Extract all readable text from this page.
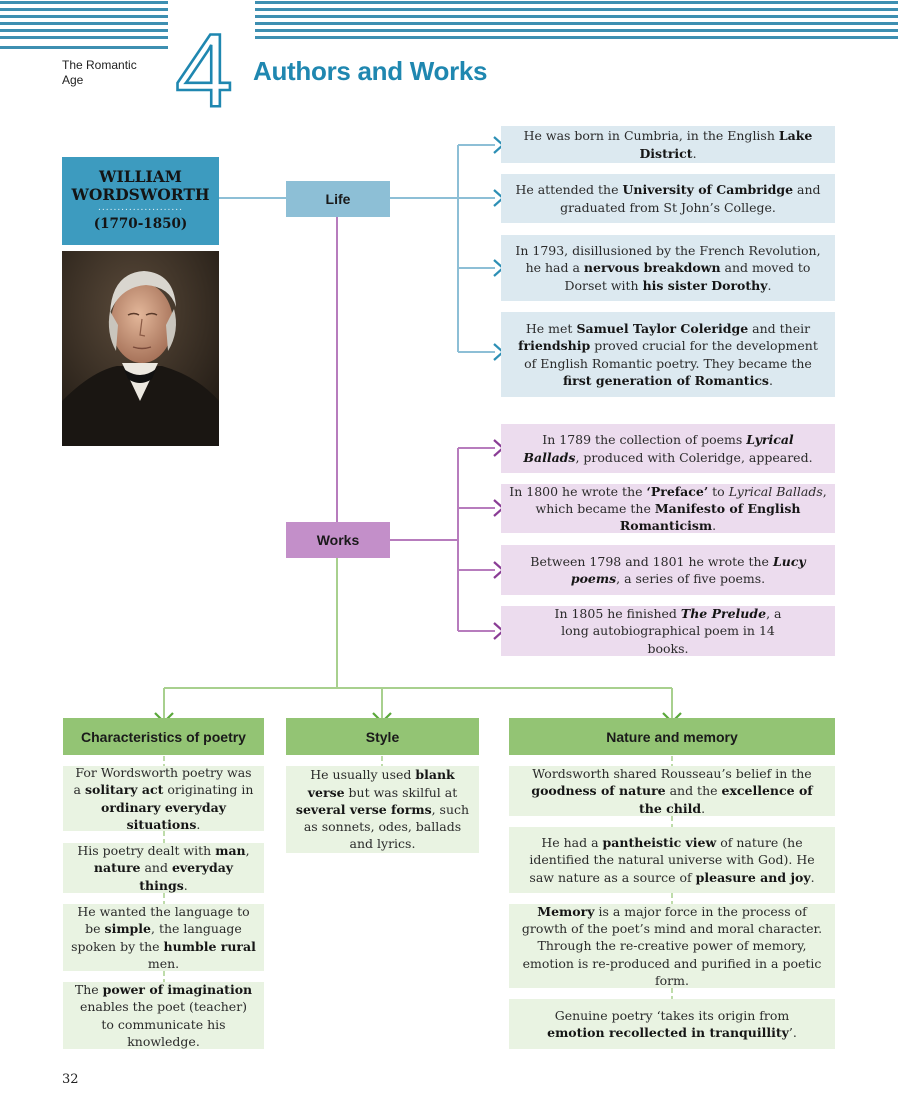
The Romantic Age 4 Authors and Works
WILLIAM WORDSWORTH
......................
(1770-1850)
Life
Works
Characteristics of poetry	Style	Nature and memory
He was born in Cumbria, in the English Lake District.
He attended the University of Cambridge and graduated from St John’s College.
In 1793, disillusioned by the French Revolution, he had a nervous breakdown and moved to Dorset with his sister Dorothy.
He met Samuel Taylor Coleridge and their friendship proved crucial for the development of English Romantic poetry. They became the first generation of Romantics.
In 1789 the collection of poems Lyrical Ballads, produced with Coleridge, appeared.
In 1800 he wrote the ‘Preface’ to Lyrical Ballads, which became the Manifesto of English Romanticism.
Between 1798 and 1801 he wrote the Lucy poems, a series of five poems.
In 1805 he finished The Prelude, a long autobiographical poem in 14 books.
For Wordsworth poetry was a solitary act originating in ordinary everyday situations.
His poetry dealt with man, nature and everyday things.
He wanted the language to be simple, the language spoken by the humble rural men.
The power of imagination enables the poet (teacher) to communicate his knowledge.
He usually used blank verse but was skilful at several verse forms, such as sonnets, odes, ballads and lyrics.
Wordsworth shared Rousseau’s belief in the goodness of nature and the excellence of the child.
He had a pantheistic view of nature (he identified the natural universe with God). He saw nature as a source of pleasure and joy.
Memory is a major force in the process of growth of the poet’s mind and moral character. Through the re-creative power of memory, emotion is re-produced and purified in a poetic form.
Genuine poetry ‘takes its origin from emotion recollected in tranquillity’.
32
